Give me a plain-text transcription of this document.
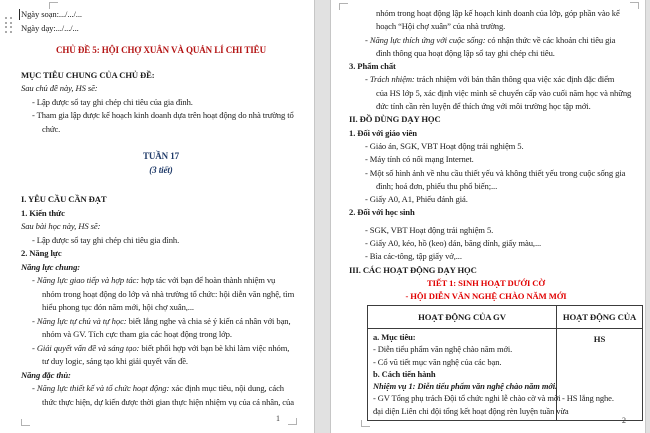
Ngày soạn:.../.../...
Ngày dạy:.../.../...
CHỦ ĐỀ 5: HỘI CHỢ XUÂN VÀ QUẢN LÍ CHI TIÊU
MỤC TIÊU CHUNG CỦA CHỦ ĐỀ:
Sau chủ đề này, HS sẽ:
- Lập được sổ tay ghi chép chi tiêu của gia đình.
- Tham gia lập được kế hoạch kinh doanh dựa trên hoạt động do nhà trường tổ
chức.
TUẦN 17
(3 tiết)
I. YÊU CẦU CẦN ĐẠT
1. Kiến thức
Sau bài học này, HS sẽ:
- Lập được sổ tay ghi chép chi tiêu gia đình.
2. Năng lực
Năng lực chung:
- Năng lực giao tiếp và hợp tác: hợp tác với bạn để hoàn thành nhiệm vụ
nhóm trong hoạt động do lớp và nhà trường tổ chức: hội diễn văn nghệ, tìm
hiểu phong tục đón năm mới, hội chợ xuân,...
- Năng lực tự chủ và tự học: biết lắng nghe và chia sẻ ý kiến cá nhân với bạn,
nhóm và GV. Tích cực tham gia các hoạt động trong lớp.
- Giải quyết vấn đề và sáng tạo: biết phối hợp với bạn bè khi làm việc nhóm,
tư duy logic, sáng tạo khi giải quyết vấn đề.
Năng đặc thù:
- Năng lực thiết kế và tổ chức hoạt động: xác định mục tiêu, nội dung, cách
thức thực hiện, dự kiến được thời gian thực hiện nhiệm vụ của cá nhân, của
1
nhóm trong hoạt động lập kế hoạch kinh doanh của lớp, góp phần vào kế
hoạch “Hội chợ xuân” của nhà trường.
- Năng lực thích ứng với cuộc sống: có nhận thức về các khoản chi tiêu gia
đình thông qua hoạt động lập sổ tay ghi chép chi tiêu.
3. Phẩm chất
- Trách nhiệm: trách nhiệm với bản thân thông qua việc xác định đặc điểm
của HS lớp 5, xác định việc mình sẽ chuyển cấp vào cuối năm học và những
đức tính cần rèn luyện để thích ứng với môi trường học tập mới.
II. ĐỒ DÙNG DẠY HỌC
1. Đối với giáo viên
- Giáo án, SGK, VBT Hoạt động trải nghiệm 5.
- Máy tính có nối mạng Internet.
- Một số hình ảnh về nhu cầu thiết yếu và không thiết yếu trong cuộc sống gia
đình; hoá đơn, phiếu thu phổ biến;...
- Giấy A0, A1, Phiếu đánh giá.
2. Đối với học sinh
- SGK, VBT Hoạt động trải nghiệm 5.
- Giấy A0, kéo, hồ (keo) dán, băng dính, giấy màu,...
- Bìa các-tông, tập giấy vở,...
III. CÁC HOẠT ĐỘNG DẠY HỌC
TIẾT 1: SINH HOẠT DƯỚI CỜ
- HỘI DIỄN VĂN NGHỆ CHÀO NĂM MỚI
HOẠT ĐỘNG CỦA GV	HOẠT ĐỘNG CỦA HS
a. Mục tiêu:
- Diễn tiểu phẩm văn nghệ chào năm mới.
- Cổ vũ tiết mục văn nghệ của các bạn.
b. Cách tiến hành
Nhiệm vụ 1: Diễn tiểu phẩm văn nghệ chào năm mới.
- GV Tổng phụ trách Đội tổ chức nghi lễ chào cờ và mời
đại diện Liên chi đội tổng kết hoạt động rèn luyện tuần vừa
- HS lắng nghe.
2
